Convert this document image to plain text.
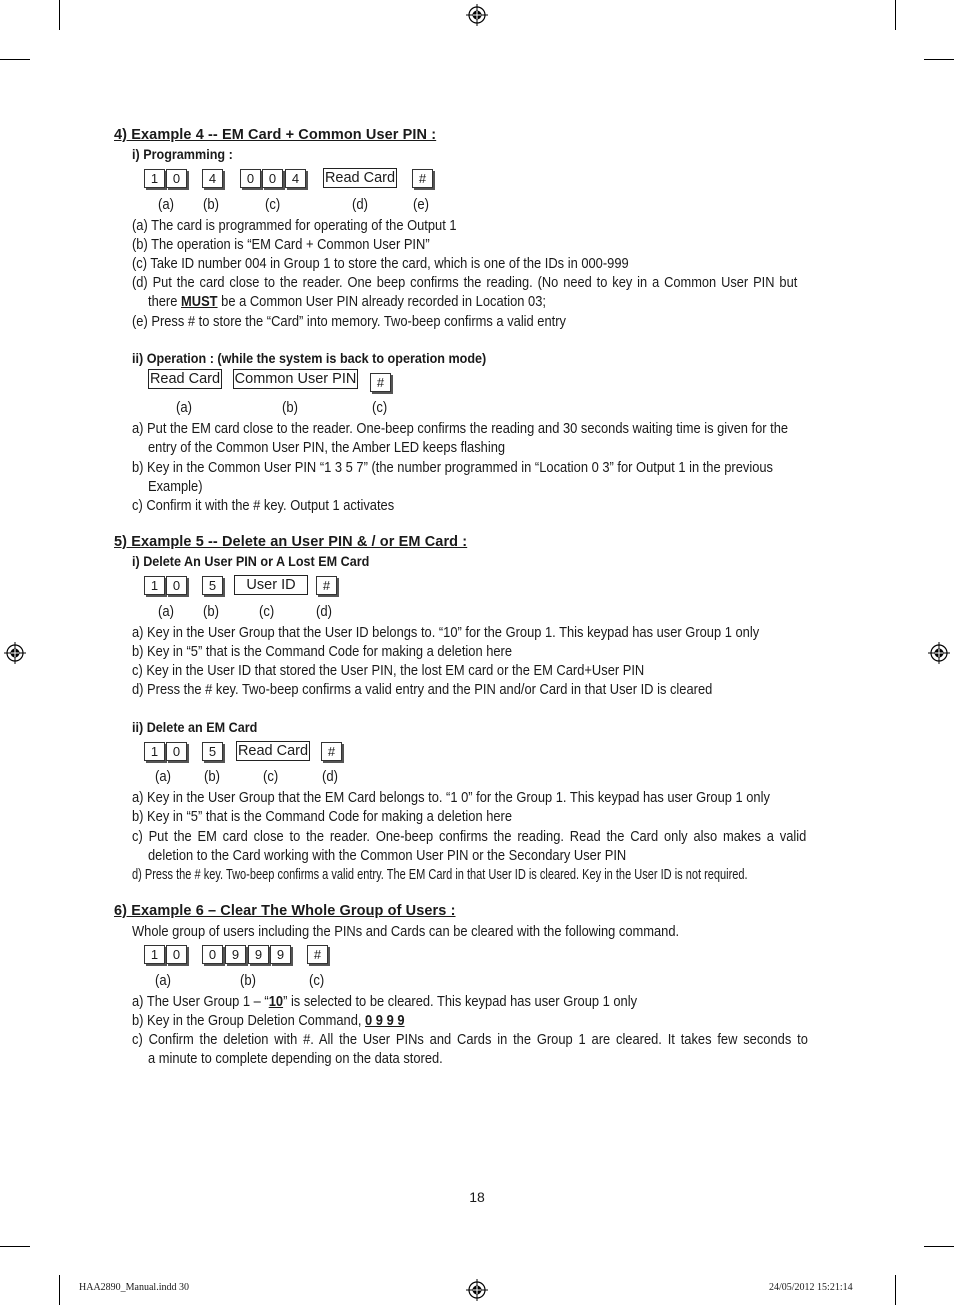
4) Example 4 -- EM Card + Common User PIN :
i) Programming :
1	0	4	0	0	4	Read Card	#
(a) (b)	(c)	(d)	(e)
(a) The card is programmed for operating of the Output 1
(b) The operation is “EM Card + Common User PIN”
(c) Take ID number 004 in Group 1 to store the card, which is one of the IDs in 000-999
(d) Put the card close to the reader. One beep confirms the reading. (No need to key in a Common User PIN but
there MUST be a Common User PIN already recorded in Location 03;
(e) Press # to store the “Card” into memory. Two-beep confirms a valid entry
ii) Operation : (while the system is back to operation mode)
Read Card Common User PIN	#
(a)	(b)	(c)
a) Put the EM card close to the reader. One-beep confirms the reading and 30 seconds waiting time is given for the
entry of the Common User PIN, the Amber LED keeps flashing
b) Key in the Common User PIN “1 3 5 7” (the number programmed in “Location 0 3” for Output 1 in the previous
Example)
c) Confirm it with the # key. Output 1 activates
5) Example 5 -- Delete an User PIN & / or EM Card :
i) Delete An User PIN or A Lost EM Card
1	0	5	User ID	#
(a) (b)	(c)	(d)
a) Key in the User Group that the User ID belongs to. “10” for the Group 1. This keypad has user Group 1 only
b) Key in “5” that is the Command Code for making a deletion here
c) Key in the User ID that stored the User PIN, the lost EM card or the EM Card+User PIN
d) Press the # key. Two-beep confirms a valid entry and the PIN and/or Card in that User ID is cleared
ii) Delete an EM Card
1	0	5	Read Card	#
(a) (b)	(c)	(d)
a) Key in the User Group that the EM Card belongs to. “1 0” for the Group 1. This keypad has user Group 1 only
b) Key in “5” that is the Command Code for making a deletion here
c) Put the EM card close to the reader. One-beep confirms the reading. Read the Card only also makes a valid
deletion to the Card working with the Common User PIN or the Secondary User PIN
d) Press the # key. Two-beep confirms a valid entry. The EM Card in that User ID is cleared. Key in the User ID is not required.
6) Example 6 – Clear The Whole Group of Users :
Whole group of users including the PINs and Cards can be cleared with the following command.
1	0	0	9	9	9	#
(a)	(b)	(c)
a) The User Group 1 – “10” is selected to be cleared. This keypad has user Group 1 only
b) Key in the Group Deletion Command, 0 9 9 9
c) Confirm the deletion with #. All the User PINs and Cards in the Group 1 are cleared. It takes few seconds to
a minute to complete depending on the data stored.
18
HAA2890_Manual.indd 30	24/05/2012 15:21:14
